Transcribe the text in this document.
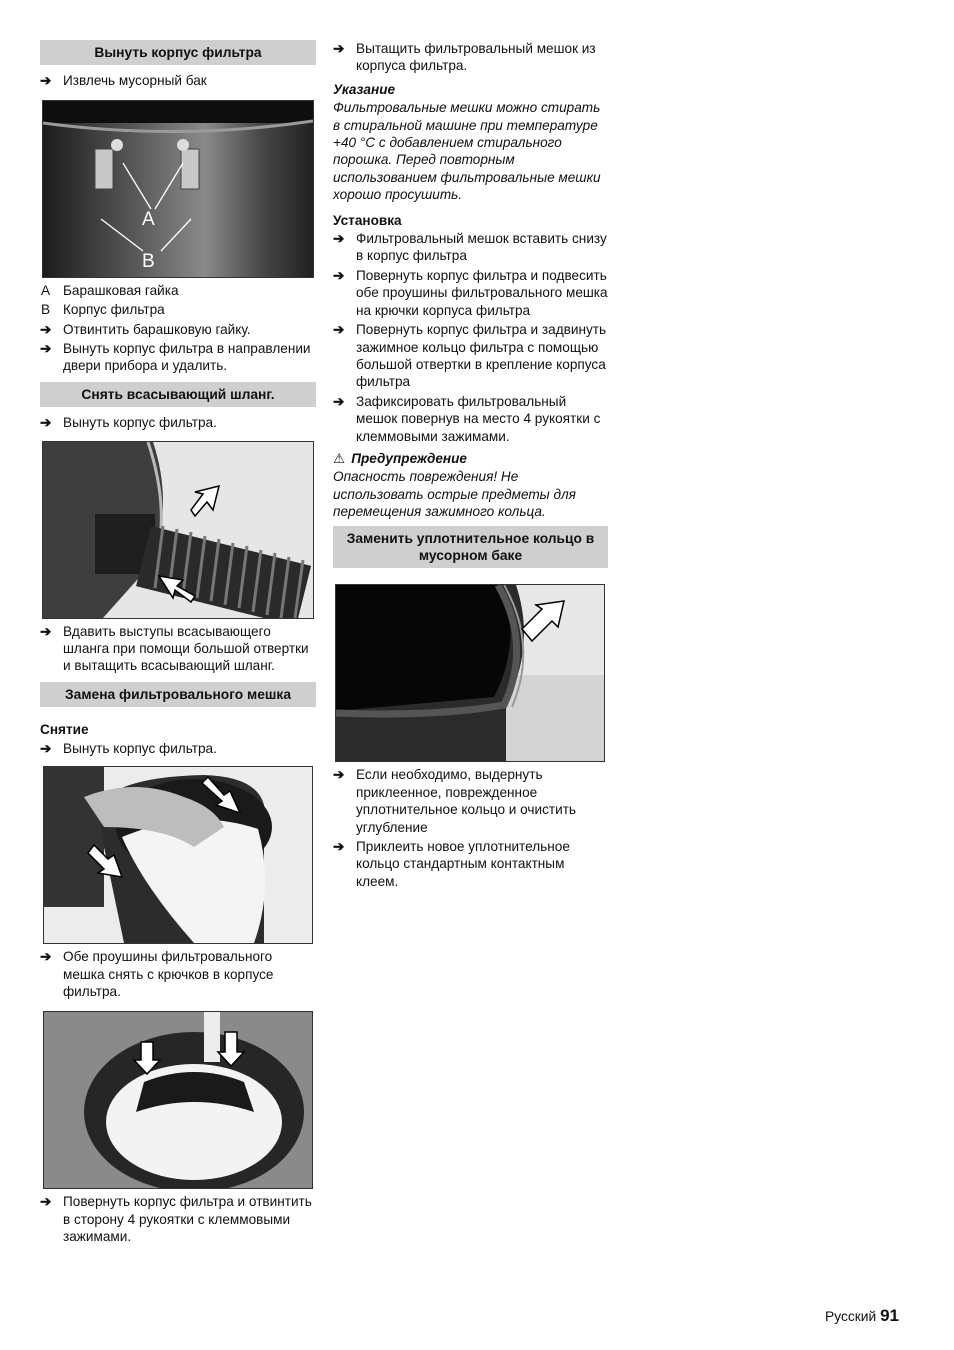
Вынуть корпус фильтра
➔ Извлечь мусорный бак
A
B
A Барашковая гайка
B Корпус фильтра
➔ Отвинтить барашковую гайку.
➔ Вынуть корпус фильтра в направлении двери прибора и удалить.
Снять всасывающий шланг.
➔ Вынуть корпус фильтра.
➔ Вдавить выступы всасывающего шланга при помощи большой отвертки и вытащить всасывающий шланг.
Замена фильтровального мешка
Снятие
➔ Вынуть корпус фильтра.
➔ Обе проушины фильтровального мешка снять с крючков в корпусе фильтра.
➔ Повернуть корпус фильтра и отвинтить в сторону 4 рукоятки с клеммовыми зажимами.
➔ Вытащить фильтровальный мешок из корпуса фильтра.
Указание
Фильтровальные мешки можно стирать в стиральной машине при температуре +40 °C с добавлением стирального порошка. Перед повторным использованием фильтровальные мешки хорошо просушить.
Установка
➔ Фильтровальный мешок вставить снизу в корпус фильтра
➔ Повернуть корпус фильтра и подвесить обе проушины фильтровального мешка на крючки корпуса фильтра
➔ Повернуть корпус фильтра и задвинуть зажимное кольцо фильтра с помощью большой отвертки в крепление корпуса фильтра
➔ Зафиксировать фильтровальный мешок повернув на место 4 рукоятки с клеммовыми зажимами.
⚠ Предупреждение
Опасность повреждения! Не использовать острые предметы для перемещения зажимного кольца.
Заменить уплотнительное кольцо в мусорном баке
➔ Если необходимо, выдернуть приклеенное, поврежденное уплотнительное кольцо и очистить углубление
➔ Приклеить новое уплотнительное кольцо стандартным контактным клеем.
Русский 91
